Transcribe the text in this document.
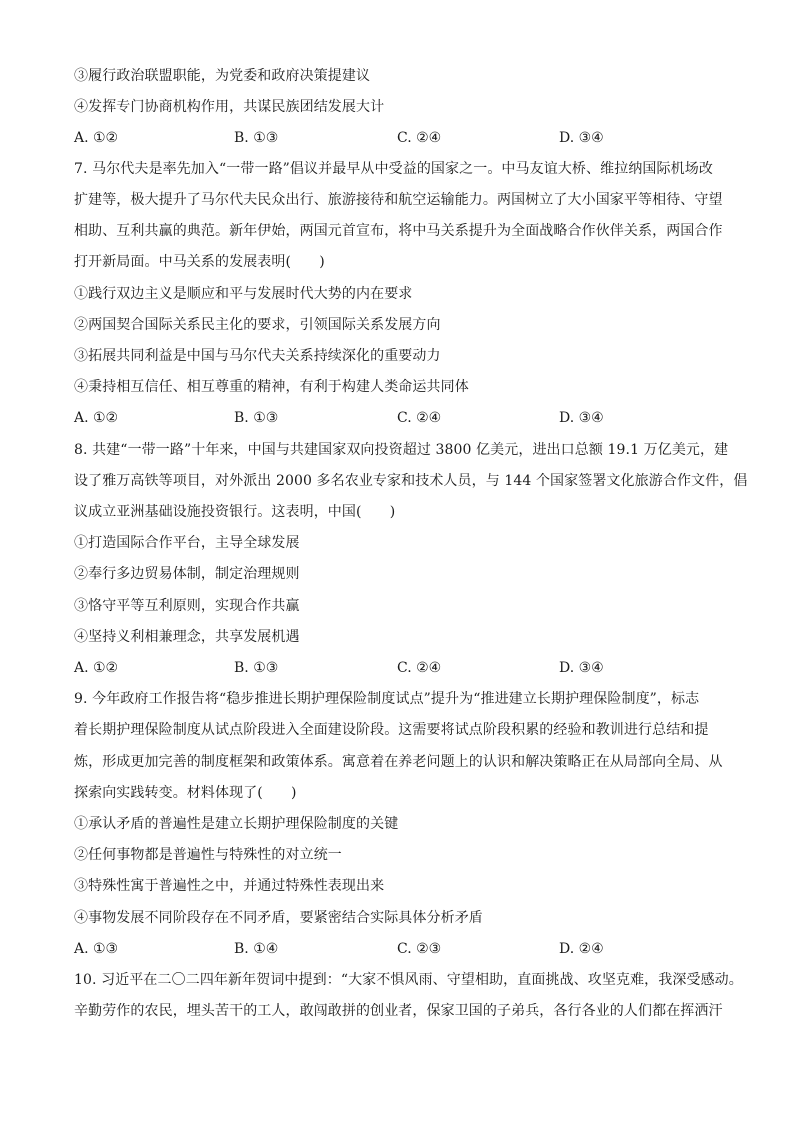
③履行政治联盟职能，为党委和政府决策提建议
④发挥专门协商机构作用，共谋民族团结发展大计
A. ①②	B. ①③	C. ②④	D. ③④
7. 马尔代夫是率先加入“一带一路”倡议并最早从中受益的国家之一。中马友谊大桥、维拉纳国际机场改
扩建等，极大提升了马尔代夫民众出行、旅游接待和航空运输能力。两国树立了大小国家平等相待、守望
相助、互利共赢的典范。新年伊始，两国元首宣布，将中马关系提升为全面战略合作伙伴关系，两国合作
打开新局面。中马关系的发展表明(　　)
①践行双边主义是顺应和平与发展时代大势的内在要求
②两国契合国际关系民主化的要求，引领国际关系发展方向
③拓展共同利益是中国与马尔代夫关系持续深化的重要动力
④秉持相互信任、相互尊重的精神，有利于构建人类命运共同体
A. ①②	B. ①③	C. ②④	D. ③④
8. 共建“一带一路”十年来，中国与共建国家双向投资超过 3800 亿美元，进出口总额 19.1 万亿美元，建
设了雅万高铁等项目，对外派出 2000 多名农业专家和技术人员，与 144 个国家签署文化旅游合作文件，倡
议成立亚洲基础设施投资银行。这表明，中国(　　)
①打造国际合作平台，主导全球发展
②奉行多边贸易体制，制定治理规则
③恪守平等互利原则，实现合作共赢
④坚持义利相兼理念，共享发展机遇
A. ①②	B. ①③	C. ②④	D. ③④
9. 今年政府工作报告将“稳步推进长期护理保险制度试点”提升为“推进建立长期护理保险制度”，标志
着长期护理保险制度从试点阶段进入全面建设阶段。这需要将试点阶段积累的经验和教训进行总结和提
炼，形成更加完善的制度框架和政策体系。寓意着在养老问题上的认识和解决策略正在从局部向全局、从
探索向实践转变。材料体现了(　　)
①承认矛盾的普遍性是建立长期护理保险制度的关键
②任何事物都是普遍性与特殊性的对立统一
③特殊性寓于普遍性之中，并通过特殊性表现出来
④事物发展不同阶段存在不同矛盾，要紧密结合实际具体分析矛盾
A. ①③	B. ①④	C. ②③	D. ②④
10. 习近平在二〇二四年新年贺词中提到：“大家不惧风雨、守望相助，直面挑战、攻坚克难，我深受感动。
辛勤劳作的农民，埋头苦干的工人，敢闯敢拼的创业者，保家卫国的子弟兵，各行各业的人们都在挥洒汗
